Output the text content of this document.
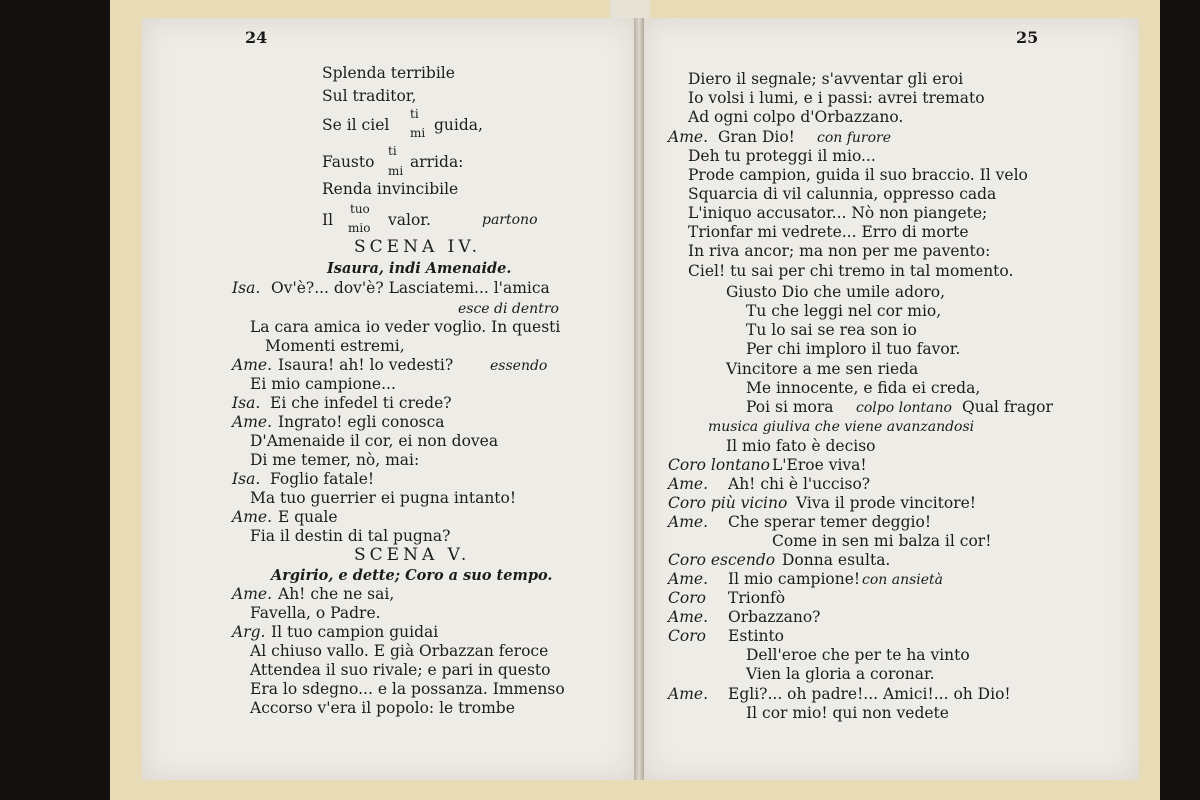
24	25
Splenda terribile
Sul traditor,
Se il ciel
ti
mi guida,
Fausto
ti
mi arrida:
Renda invincibile
Il
tuo
mio valor.	partono
SCENA IV.
Isaura, indi Amenaide.
Isa. Ov'è?... dov'è? Lasciatemi... l'amica
esce di dentro
La cara amica io veder voglio. In questi
Momenti estremi,
Ame. Isaura! ah! lo vedesti?	essendo
Ei mio campione...
Isa. Ei che infedel ti crede?
Ame. Ingrato! egli conosca
D'Amenaide il cor, ei non dovea
Di me temer, nò, mai:
Isa. Foglio fatale!
Ma tuo guerrier ei pugna intanto!
Ame. E quale
Fia il destin di tal pugna?
SCENA V.
Argirio, e dette; Coro a suo tempo.
Ame. Ah! che ne sai,
Favella, o Padre.
Arg. Il tuo campion guidai
Al chiuso vallo. E già Orbazzan feroce
Attendea il suo rivale; e pari in questo
Era lo sdegno... e la possanza. Immenso
Accorso v'era il popolo: le trombe
Diero il segnale; s'avventar gli eroi
Io volsi i lumi, e i passi: avrei tremato
Ad ogni colpo d'Orbazzano.
Ame. Gran Dio! con furore
Deh tu proteggi il mio...
Prode campion, guida il suo braccio. Il velo
Squarcia di vil calunnia, oppresso cada
L'iniquo accusator... Nò non piangete;
Trionfar mi vedrete... Erro di morte
In riva ancor; ma non per me pavento:
Ciel! tu sai per chi tremo in tal momento.
Giusto Dio che umile adoro,
Tu che leggi nel cor mio,
Tu lo sai se rea son io
Per chi imploro il tuo favor.
Vincitore a me sen rieda
Me innocente, e fida ei creda,
Poi si mora colpo lontano Qual fragor
musica giuliva che viene avanzandosi
Il mio fato è deciso
Coro lontano L'Eroe viva!
Ame. Ah! chi è l'ucciso?
Coro più vicino Viva il prode vincitore!
Ame. Che sperar temer deggio!
Come in sen mi balza il cor!
Coro escendo Donna esulta.
Ame. Il mio campione! con ansietà
Coro Trionfò
Ame. Orbazzano?
Coro Estinto
Dell'eroe che per te ha vinto
Vien la gloria a coronar.
Ame. Egli?... oh padre!... Amici!... oh Dio!
Il cor mio! qui non vedete
